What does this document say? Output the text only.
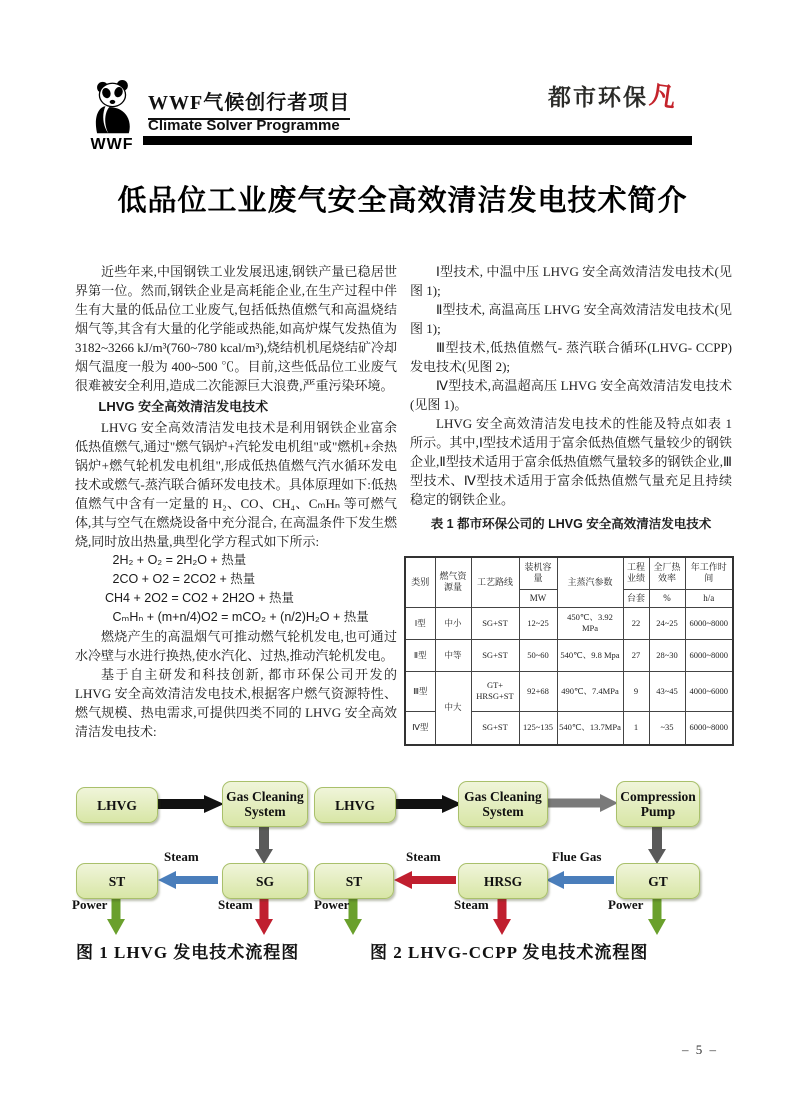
WWF
WWF气候创行者项目
Climate Solver Programme
都市环保凡
低品位工业废气安全高效清洁发电技术简介

近些年来,中国钢铁工业发展迅速,钢铁产量已稳居世界第一位。然而,钢铁企业是高耗能企业,在生产过程中伴生有大量的低品位工业废气,包括低热值燃气和高温烧结烟气等,其含有大量的化学能或热能,如高炉煤气发热值为 3182~3266 kJ/m³(760~780 kcal/m³),烧结机机尾烧结矿冷却烟气温度一般为 400~500 ℃。目前,这些低品位工业废气很难被安全利用,造成二次能源巨大浪费,严重污染环境。

LHVG 安全高效清洁发电技术

LHVG 安全高效清洁发电技术是利用钢铁企业富余低热值燃气,通过"燃气锅炉+汽轮发电机组"或"燃机+余热锅炉+燃气轮机发电机组",形成低热值燃气汽水循环发电技术或燃气-蒸汽联合循环发电技术。具体原理如下:低热值燃气中含有一定量的 H₂、CO、CH₄、CₘHₙ 等可燃气体,其与空气在燃烧设备中充分混合, 在高温条件下发生燃烧,同时放出热量,典型化学方程式如下所示:

2H₂ + O₂ = 2H₂O + 热量

2CO + O2 = 2CO2 + 热量

CH4 + 2O2 = CO2 + 2H2O + 热量

CₘHₙ + (m+n/4)O2 = mCO₂ + (n/2)H₂O + 热量

燃烧产生的高温烟气可推动燃气轮机发电,也可通过水冷壁与水进行换热,使水汽化、过热,推动汽轮机发电。

基于自主研发和科技创新, 都市环保公司开发的 LHVG 安全高效清洁发电技术,根据客户燃气资源特性、燃气规模、热电需求,可提供四类不同的 LHVG 安全高效清洁发电技术:

Ⅰ型技术, 中温中压 LHVG 安全高效清洁发电技术(见图 1);

Ⅱ型技术, 高温高压 LHVG 安全高效清洁发电技术(见图 1);

Ⅲ型技术,低热值燃气- 蒸汽联合循环(LHVG- CCPP)发电技术(见图 2);

Ⅳ型技术,高温超高压 LHVG 安全高效清洁发电技术(见图 1)。

LHVG 安全高效清洁发电技术的性能及特点如表 1 所示。其中,Ⅰ型技术适用于富余低热值燃气量较少的钢铁企业,Ⅱ型技术适用于富余低热值燃气量较多的钢铁企业,Ⅲ型技术、Ⅳ型技术适用于富余低热值燃气量充足且持续稳定的钢铁企业。

表 1 都市环保公司的 LHVG 安全高效清洁发电技术

类别	燃气资源量	工艺路线	装机容量	主蒸汽参数	工程业绩	全厂热效率	年工作时间
			MW		台套	%	h/a
Ⅰ型	中小	SG+ST	12~25	450℃、3.92 MPa	22	24~25	6000~8000
Ⅱ型	中等	SG+ST	50~60	540℃、9.8 Mpa	27	28~30	6000~8000
Ⅲ型	中大	GT+ HRSG+ST	92+68	490℃、7.4MPa	9	43~45	4000~6000
Ⅳ型		SG+ST	125~135	540℃、13.7MPa	1	~35	6000~8000
LHVG
Gas Cleaning System
ST	SG
Steam
Power	Steam
图 1 LHVG 发电技术流程图
LHVG
Gas Cleaning System
Compression Pump
ST	HRSG	GT
Steam	Flue Gas
Power	Steam	Power
图 2 LHVG-CCPP 发电技术流程图
– 5 –
